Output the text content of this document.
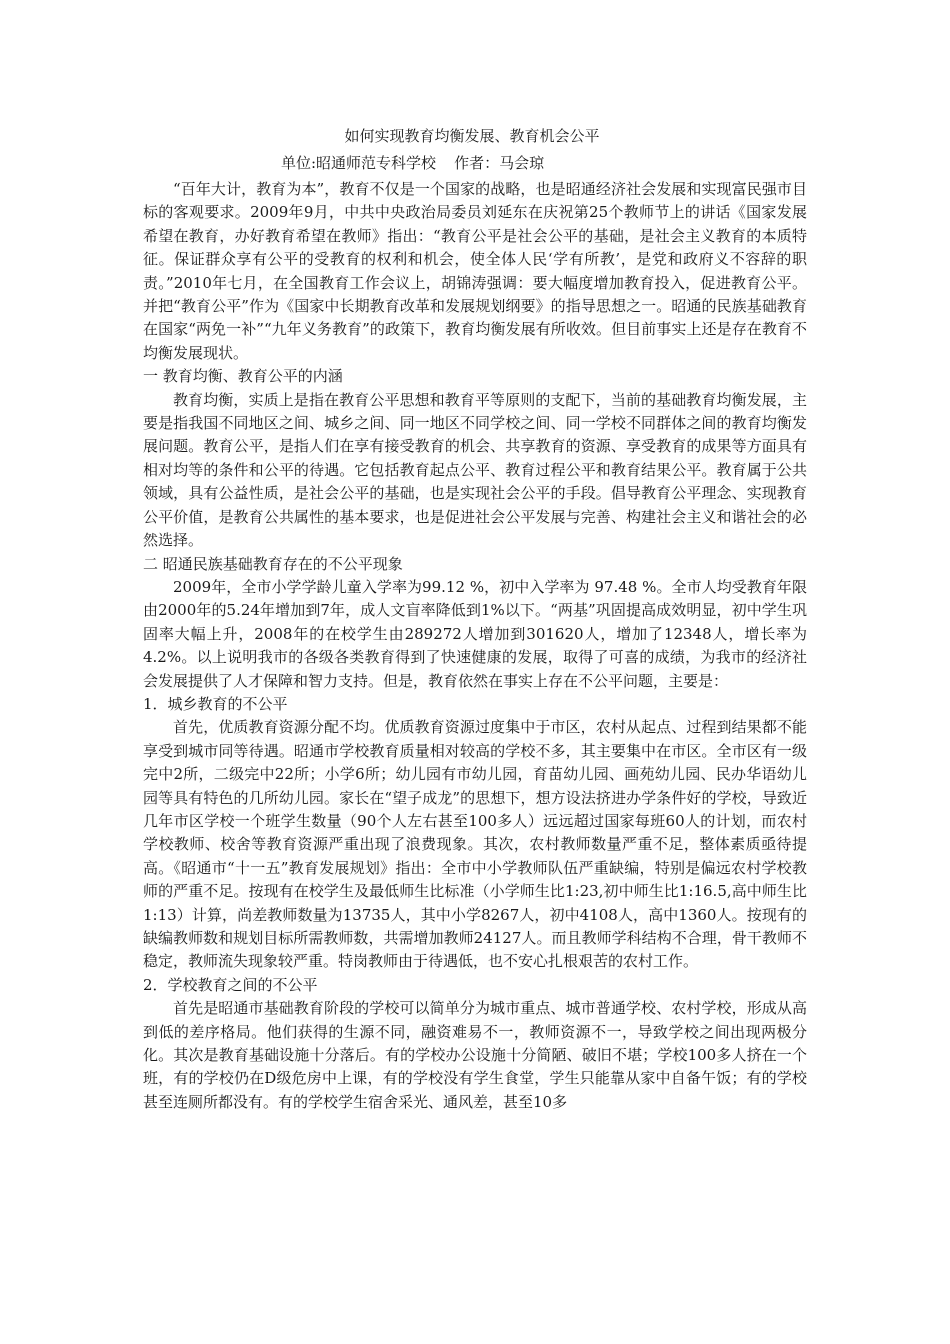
如何实现教育均衡发展、教育机会公平

单位:昭通师范专科学校 作者：马会琼

“百年大计，教育为本”，教育不仅是一个国家的战略，也是昭通经济社会发展和实现富民强市目标的客观要求。2009年9月，中共中央政治局委员刘延东在庆祝第25个教师节上的讲话《国家发展希望在教育，办好教育希望在教师》指出：“教育公平是社会公平的基础，是社会主义教育的本质特征。保证群众享有公平的受教育的权利和机会，使全体人民‘学有所教’，是党和政府义不容辞的职责。”2010年七月，在全国教育工作会议上，胡锦涛强调：要大幅度增加教育投入，促进教育公平。并把“教育公平”作为《国家中长期教育改革和发展规划纲要》的指导思想之一。昭通的民族基础教育在国家“两免一补”“九年义务教育”的政策下，教育均衡发展有所收效。但目前事实上还是存在教育不均衡发展现状。

一 教育均衡、教育公平的内涵

教育均衡，实质上是指在教育公平思想和教育平等原则的支配下，当前的基础教育均衡发展，主要是指我国不同地区之间、城乡之间、同一地区不同学校之间、同一学校不同群体之间的教育均衡发展问题。教育公平，是指人们在享有接受教育的机会、共享教育的资源、享受教育的成果等方面具有相对均等的条件和公平的待遇。它包括教育起点公平、教育过程公平和教育结果公平。教育属于公共领域，具有公益性质，是社会公平的基础，也是实现社会公平的手段。倡导教育公平理念、实现教育公平价值，是教育公共属性的基本要求，也是促进社会公平发展与完善、构建社会主义和谐社会的必然选择。

二 昭通民族基础教育存在的不公平现象

2009年，全市小学学龄儿童入学率为99.12 %，初中入学率为 97.48 %。全市人均受教育年限由2000年的5.24年增加到7年，成人文盲率降低到1%以下。“两基”巩固提高成效明显，初中学生巩固率大幅上升，2008年的在校学生由289272人增加到301620人，增加了12348人，增长率为4.2%。以上说明我市的各级各类教育得到了快速健康的发展，取得了可喜的成绩，为我市的经济社会发展提供了人才保障和智力支持。但是，教育依然在事实上存在不公平问题，主要是：

1．城乡教育的不公平

首先，优质教育资源分配不均。优质教育资源过度集中于市区，农村从起点、过程到结果都不能享受到城市同等待遇。昭通市学校教育质量相对较高的学校不多，其主要集中在市区。全市区有一级完中2所，二级完中22所；小学6所；幼儿园有市幼儿园，育苗幼儿园、画苑幼儿园、民办华语幼儿园等具有特色的几所幼儿园。家长在“望子成龙”的思想下，想方设法挤进办学条件好的学校，导致近几年市区学校一个班学生数量（90个人左右甚至100多人）远远超过国家每班60人的计划，而农村学校教师、校舍等教育资源严重出现了浪费现象。其次，农村教师数量严重不足，整体素质亟待提高。《昭通市“十一五”教育发展规划》指出：全市中小学教师队伍严重缺编，特别是偏远农村学校教师的严重不足。按现有在校学生及最低师生比标准（小学师生比1:23,初中师生比1:16.5,高中师生比1:13）计算，尚差教师数量为13735人，其中小学8267人，初中4108人，高中1360人。按现有的缺编教师数和规划目标所需教师数，共需增加教师24127人。而且教师学科结构不合理，骨干教师不稳定，教师流失现象较严重。特岗教师由于待遇低，也不安心扎根艰苦的农村工作。

2．学校教育之间的不公平

首先是昭通市基础教育阶段的学校可以简单分为城市重点、城市普通学校、农村学校，形成从高到低的差序格局。他们获得的生源不同，融资难易不一，教师资源不一，导致学校之间出现两极分化。其次是教育基础设施十分落后。有的学校办公设施十分简陋、破旧不堪；学校100多人挤在一个班，有的学校仍在D级危房中上课，有的学校没有学生食堂，学生只能靠从家中自备午饭；有的学校甚至连厕所都没有。有的学校学生宿舍采光、通风差，甚至10多
